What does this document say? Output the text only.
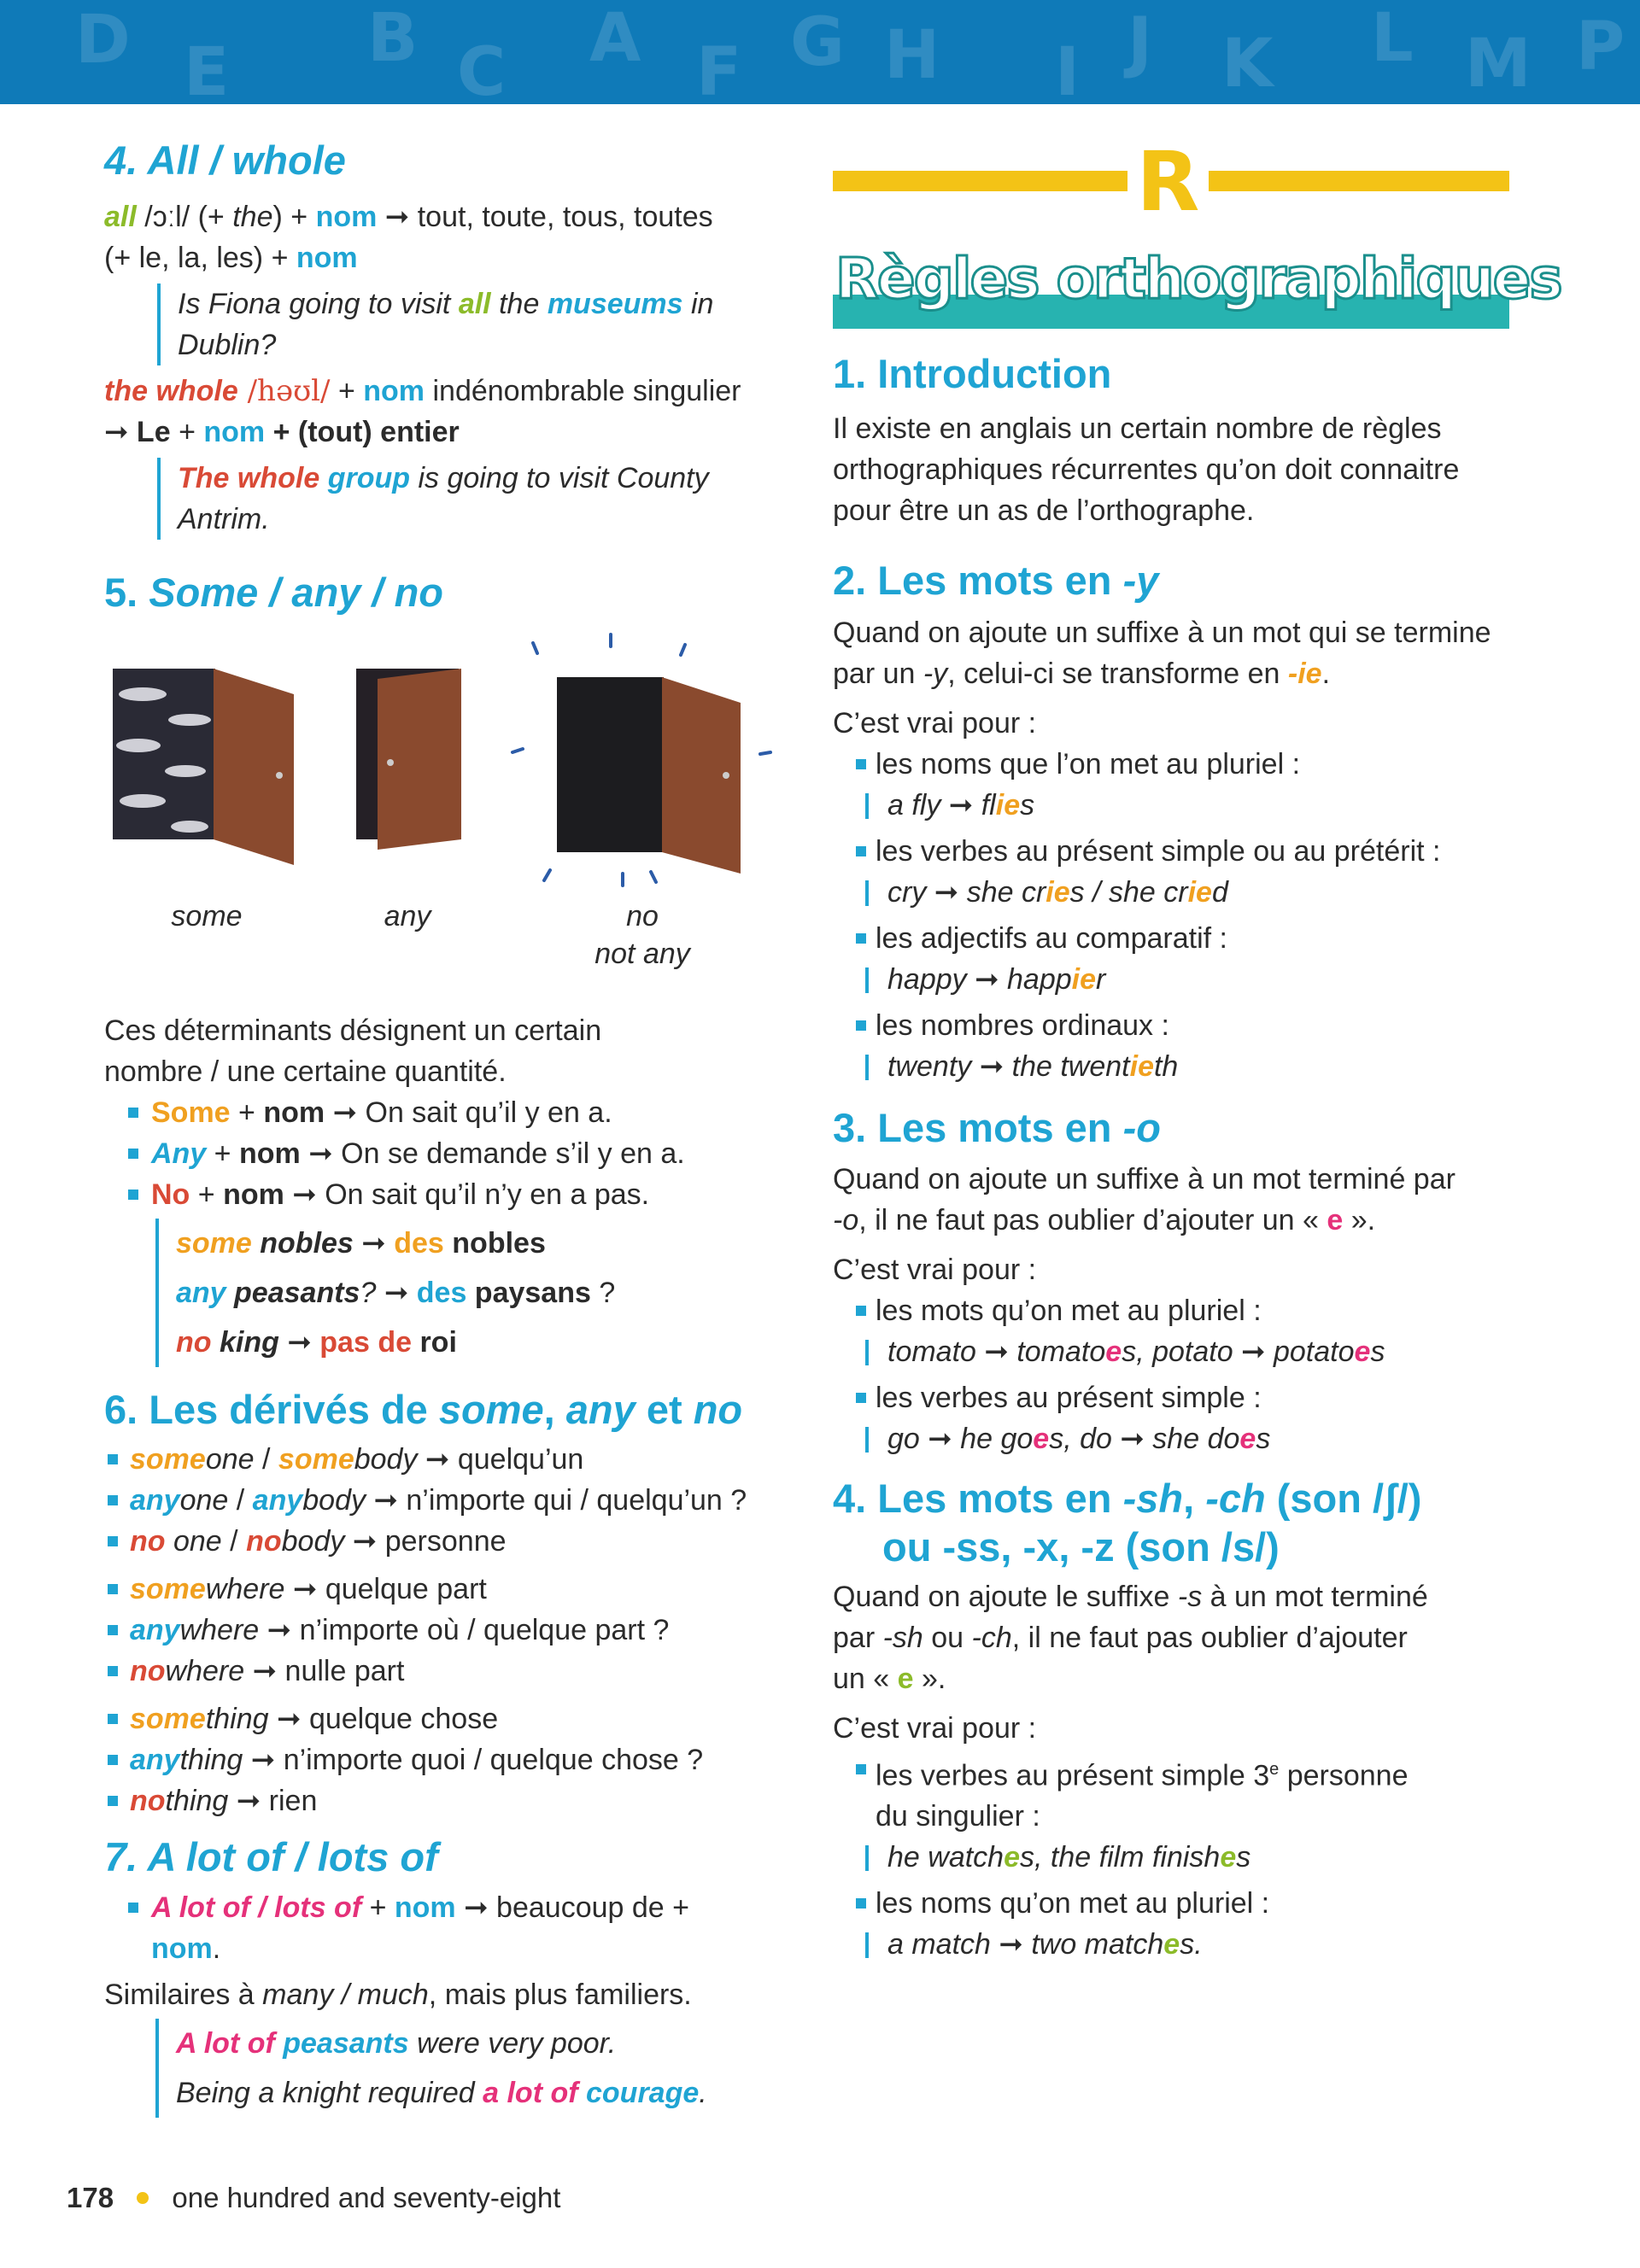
D E B C A F G H I J K L M P
4. All / whole
all /ɔːl/ (+ the) + nom ➞ tout, toute, tous, toutes
(+ le, la, les) + nom
Is Fiona going to visit all the museums in
Dublin?
the whole /həʊl/ + nom indénombrable singulier
➞ Le + nom + (tout) entier
The whole group is going to visit County
Antrim.
5. Some / any / no
some	any	no
not any
Ces déterminants désignent un certain
nombre / une certaine quantité.
Some + nom ➞ On sait qu’il y en a.
Any + nom ➞ On se demande s’il y en a.
No + nom ➞ On sait qu’il n’y en a pas.
some nobles ➞ des nobles
any peasants? ➞ des paysans ?
no king ➞ pas de roi
6. Les dérivés de some, any et no
someone / somebody ➞ quelqu’un
anyone / anybody ➞ n’importe qui / quelqu’un ?
no one / nobody ➞ personne
somewhere ➞ quelque part
anywhere ➞ n’importe où / quelque part ?
nowhere ➞ nulle part
something ➞ quelque chose
anything ➞ n’importe quoi / quelque chose ?
nothing ➞ rien
7. A lot of / lots of
A lot of / lots of + nom ➞ beaucoup de +
nom.
Similaires à many / much, mais plus familiers.
A lot of peasants were very poor.
Being a knight required a lot of courage.
178 one hundred and seventy-eight
R
Règles orthographiques
1. Introduction
Il existe en anglais un certain nombre de règles
orthographiques récurrentes qu’on doit connaitre
pour être un as de l’orthographe.
2. Les mots en -y
Quand on ajoute un suffixe à un mot qui se termine
par un -y, celui-ci se transforme en -ie.
C’est vrai pour :
les noms que l’on met au pluriel :
a fly ➞ flies
les verbes au présent simple ou au prétérit :
cry ➞ she cries / she cried
les adjectifs au comparatif :
happy ➞ happier
les nombres ordinaux :
twenty ➞ the twentieth
3. Les mots en -o
Quand on ajoute un suffixe à un mot terminé par
-o, il ne faut pas oublier d’ajouter un « e ».
C’est vrai pour :
les mots qu’on met au pluriel :
tomato ➞ tomatoes, potato ➞ potatoes
les verbes au présent simple :
go ➞ he goes, do ➞ she does
4. Les mots en -sh, -ch (son /ʃ/)
ou -ss, -x, -z (son /s/)
Quand on ajoute le suffixe -s à un mot terminé
par -sh ou -ch, il ne faut pas oublier d’ajouter
un « e ».
C’est vrai pour :
les verbes au présent simple 3e personne
du singulier :
he watches, the film finishes
les noms qu’on met au pluriel :
a match ➞ two matches.
